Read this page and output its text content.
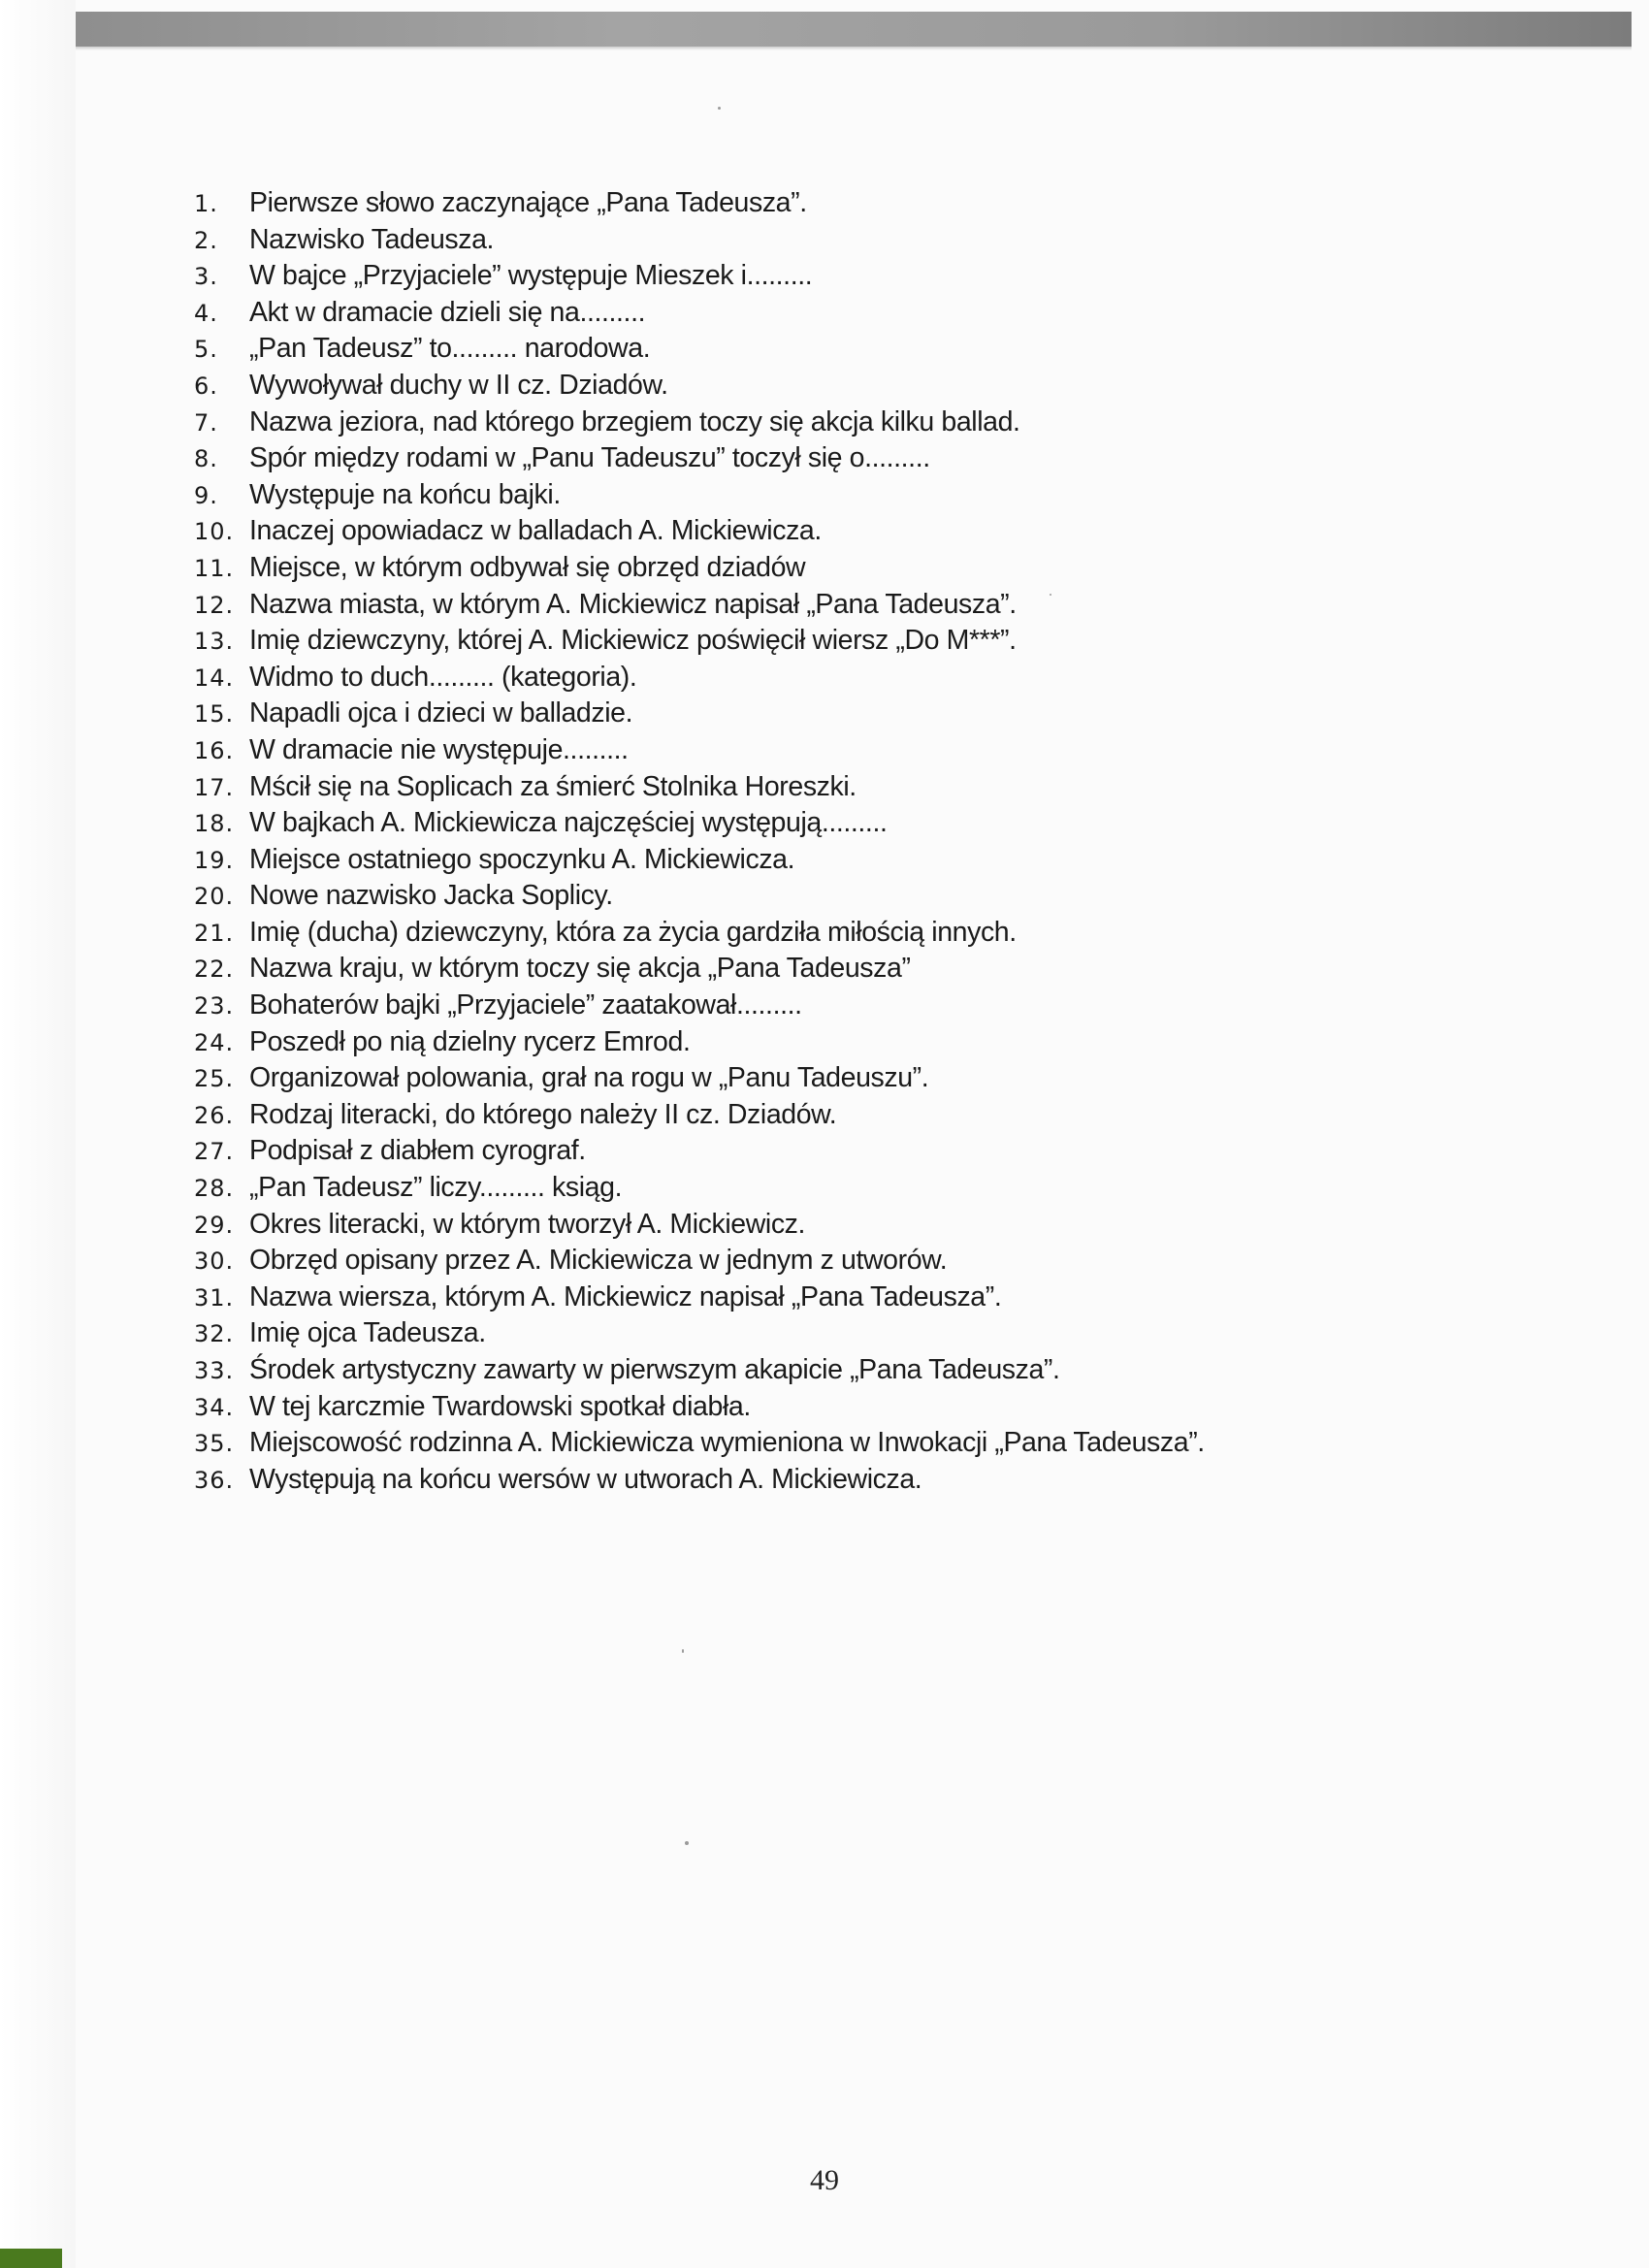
1.	Pierwsze słowo zaczynające „Pana Tadeusza”.
2.	Nazwisko Tadeusza.
3.	W bajce „Przyjaciele” występuje Mieszek i.........
4.	Akt w dramacie dzieli się na.........
5.	„Pan Tadeusz” to......... narodowa.
6.	Wywoływał duchy w II cz. Dziadów.
7.	Nazwa jeziora, nad którego brzegiem toczy się akcja kilku ballad.
8.	Spór między rodami w „Panu Tadeuszu” toczył się o.........
9.	Występuje na końcu bajki.
10. Inaczej opowiadacz w balladach A. Mickiewicza.
11. Miejsce, w którym odbywał się obrzęd dziadów
12. Nazwa miasta, w którym A. Mickiewicz napisał „Pana Tadeusza”.
13. Imię dziewczyny, której A. Mickiewicz poświęcił wiersz „Do M***”.
14. Widmo to duch......... (kategoria).
15. Napadli ojca i dzieci w balladzie.
16. W dramacie nie występuje.........
17. Mścił się na Soplicach za śmierć Stolnika Horeszki.
18. W bajkach A. Mickiewicza najczęściej występują.........
19. Miejsce ostatniego spoczynku A. Mickiewicza.
20. Nowe nazwisko Jacka Soplicy.
21. Imię (ducha) dziewczyny, która za życia gardziła miłością innych.
22. Nazwa kraju, w którym toczy się akcja „Pana Tadeusza”
23. Bohaterów bajki „Przyjaciele” zaatakował.........
24. Poszedł po nią dzielny rycerz Emrod.
25. Organizował polowania, grał na rogu w „Panu Tadeuszu”.
26. Rodzaj literacki, do którego należy II cz. Dziadów.
27. Podpisał z diabłem cyrograf.
28. „Pan Tadeusz” liczy......... ksiąg.
29. Okres literacki, w którym tworzył A. Mickiewicz.
30. Obrzęd opisany przez A. Mickiewicza w jednym z utworów.
31. Nazwa wiersza, którym A. Mickiewicz napisał „Pana Tadeusza”.
32. Imię ojca Tadeusza.
33. Środek artystyczny zawarty w pierwszym akapicie „Pana Tadeusza”.
34. W tej karczmie Twardowski spotkał diabła.
35. Miejscowość rodzinna A. Mickiewicza wymieniona w Inwokacji „Pana Tadeusza”.
36. Występują na końcu wersów w utworach A. Mickiewicza.
49
